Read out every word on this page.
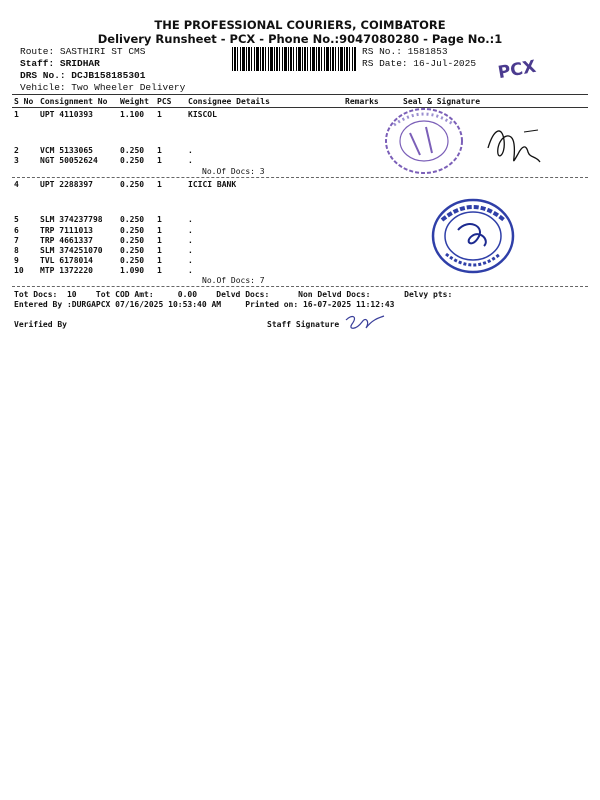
THE PROFESSIONAL COURIERS, COIMBATORE
Delivery Runsheet - PCX - Phone No.:9047080280 - Page No.:1
Route: SASTHIRI ST CMS
Staff: SRIDHAR
DRS No.: DCJB158185301
Vehicle: Two Wheeler Delivery
RS No.: 1581853
RS Date: 16-Jul-2025 PCX
S No Consignment No Weight PCS Consignee Details	Remarks	Seal & Signature
1	UPT 4110393	1.100 1	KISCOL
2	VCM 5133065	0.250 1	.
3	NGT 50052624	0.250 1	.
4	UPT 2288397	0.250 1	ICICI BANK
5	SLM 374237798 0.250 1	.
6	TRP 7111013	0.250 1	.
7	TRP 4661337	0.250 1	.
8	SLM 374251070 0.250 1	.
9	TVL 6178014	0.250 1	.
10 MTP 1372220	1.090 1	.
No.Of Docs: 3
No.Of Docs: 7
Tot Docs:  10    Tot COD Amt:     0.00    Delvd Docs:      Non Delvd Docs:       Delvy pts:
Entered By :DURGAPCX 07/16/2025 10:53:40 AM     Printed on: 16-07-2025 11:12:43
Verified By	Staff Signature
